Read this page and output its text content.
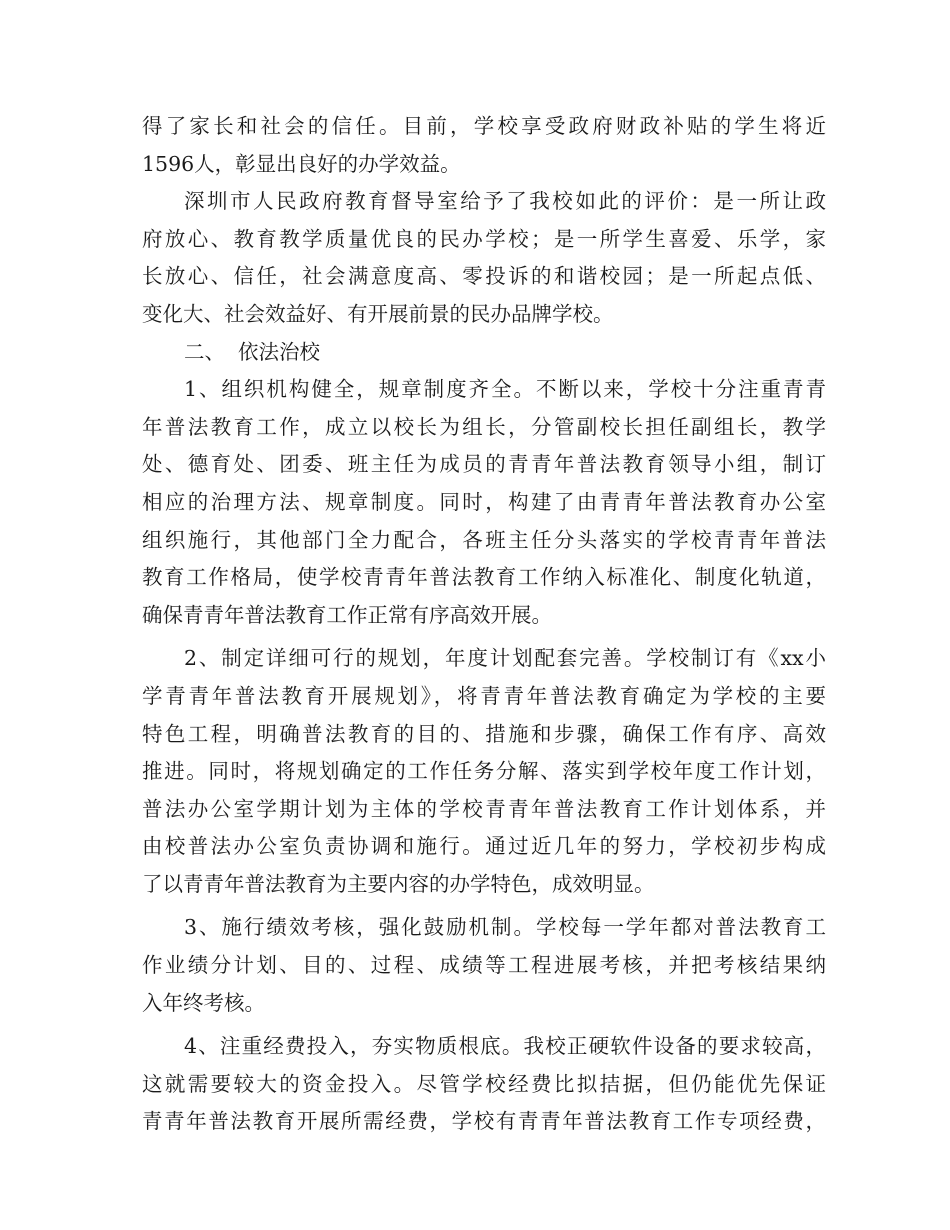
得了家长和社会的信任。目前，学校享受政府财政补贴的学生将近
1596人，彰显出良好的办学效益。
深圳市人民政府教育督导室给予了我校如此的评价：是一所让政
府放心、教育教学质量优良的民办学校；是一所学生喜爱、乐学，家
长放心、信任，社会满意度高、零投诉的和谐校园；是一所起点低、
变化大、社会效益好、有开展前景的民办品牌学校。
二、  依法治校
1、组织机构健全，规章制度齐全。不断以来，学校十分注重青青
年普法教育工作，成立以校长为组长，分管副校长担任副组长，教学
处、德育处、团委、班主任为成员的青青年普法教育领导小组，制订
相应的治理方法、规章制度。同时，构建了由青青年普法教育办公室
组织施行，其他部门全力配合，各班主任分头落实的学校青青年普法
教育工作格局，使学校青青年普法教育工作纳入标准化、制度化轨道，
确保青青年普法教育工作正常有序高效开展。
2、制定详细可行的规划，年度计划配套完善。学校制订有《xx小
学青青年普法教育开展规划》，将青青年普法教育确定为学校的主要
特色工程，明确普法教育的目的、措施和步骤，确保工作有序、高效
推进。同时，将规划确定的工作任务分解、落实到学校年度工作计划，
普法办公室学期计划为主体的学校青青年普法教育工作计划体系，并
由校普法办公室负责协调和施行。通过近几年的努力，学校初步构成
了以青青年普法教育为主要内容的办学特色，成效明显。
3、施行绩效考核，强化鼓励机制。学校每一学年都对普法教育工
作业绩分计划、目的、过程、成绩等工程进展考核，并把考核结果纳
入年终考核。
4、注重经费投入，夯实物质根底。我校正硬软件设备的要求较高，
这就需要较大的资金投入。尽管学校经费比拟拮据，但仍能优先保证
青青年普法教育开展所需经费，学校有青青年普法教育工作专项经费，
